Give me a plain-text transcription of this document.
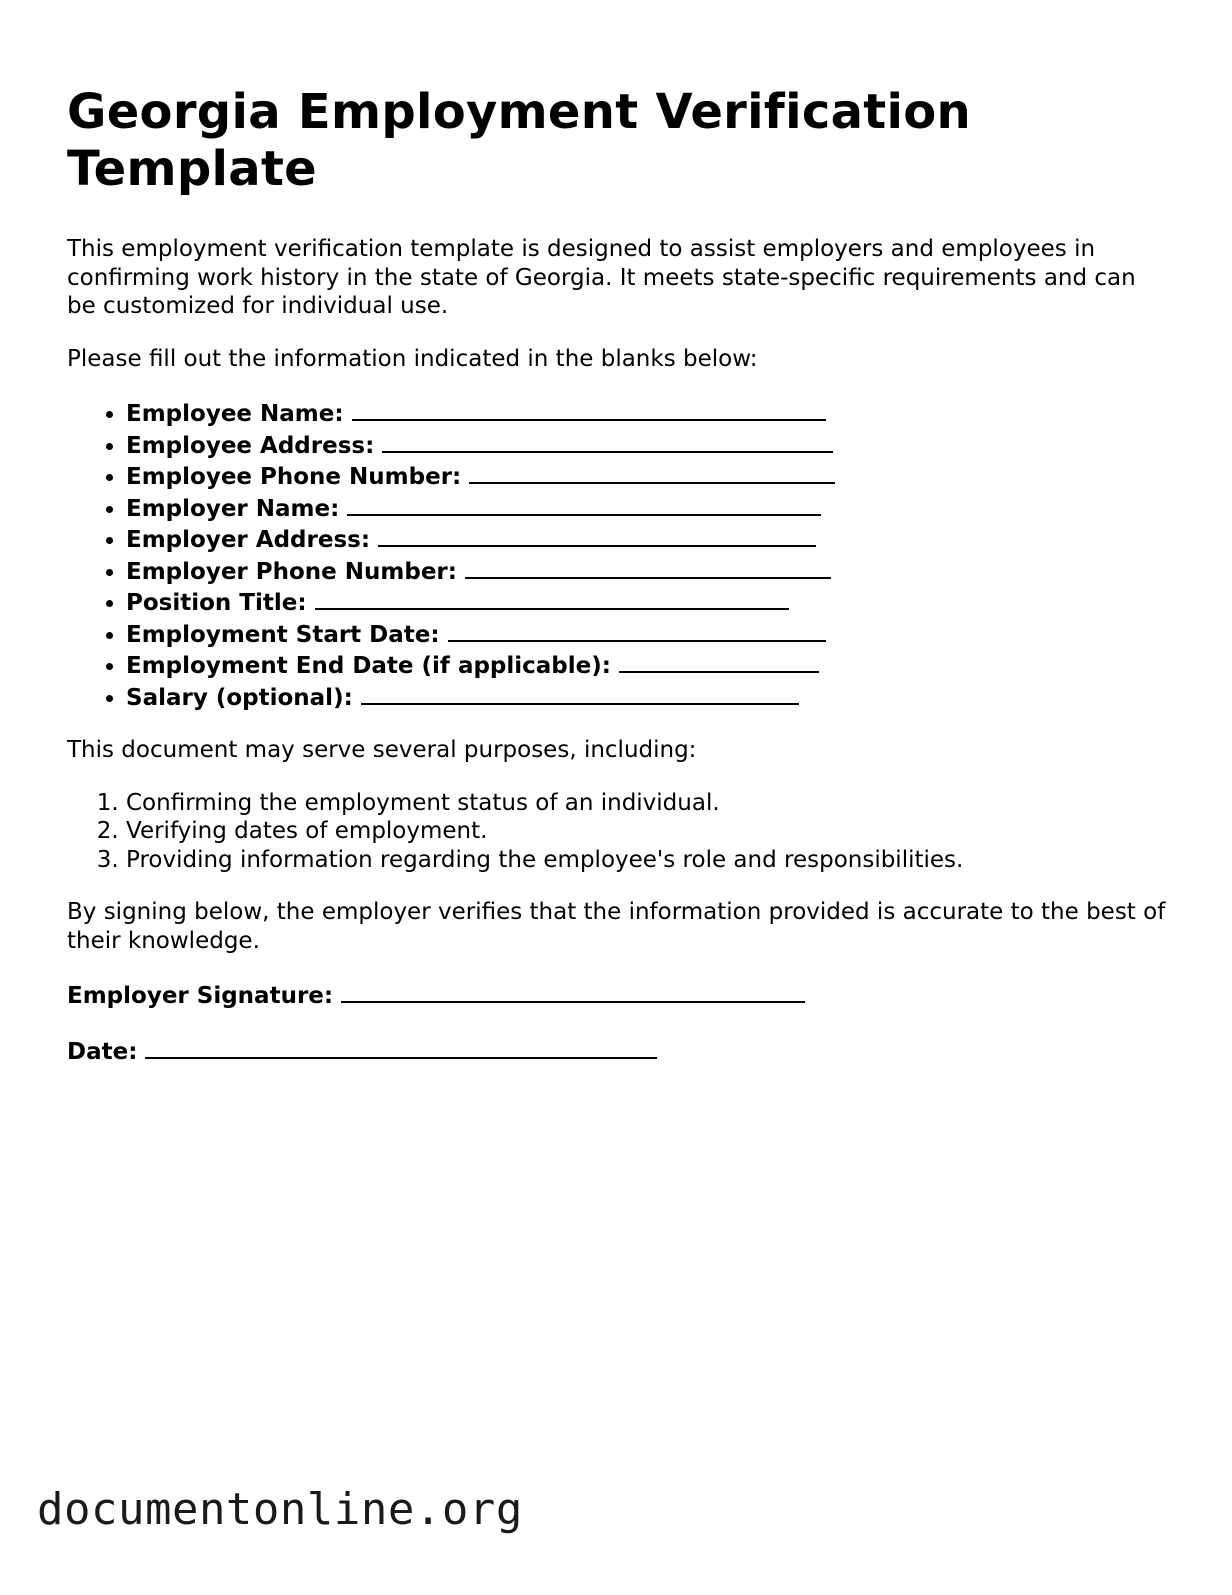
Georgia Employment Verification Template

This employment verification template is designed to assist employers and employees in confirming work history in the state of Georgia. It meets state-specific requirements and can be customized for individual use.

Please fill out the information indicated in the blanks below:

• Employee Name:
• Employee Address:
• Employee Phone Number:
• Employer Name:
• Employer Address:
• Employer Phone Number:
• Position Title:
• Employment Start Date:
• Employment End Date (if applicable):
• Salary (optional):

This document may serve several purposes, including:

1. Confirming the employment status of an individual.
2. Verifying dates of employment.
3. Providing information regarding the employee's role and responsibilities.

By signing below, the employer verifies that the information provided is accurate to the best of their knowledge.

Employer Signature:
Date:
documentonline.org
